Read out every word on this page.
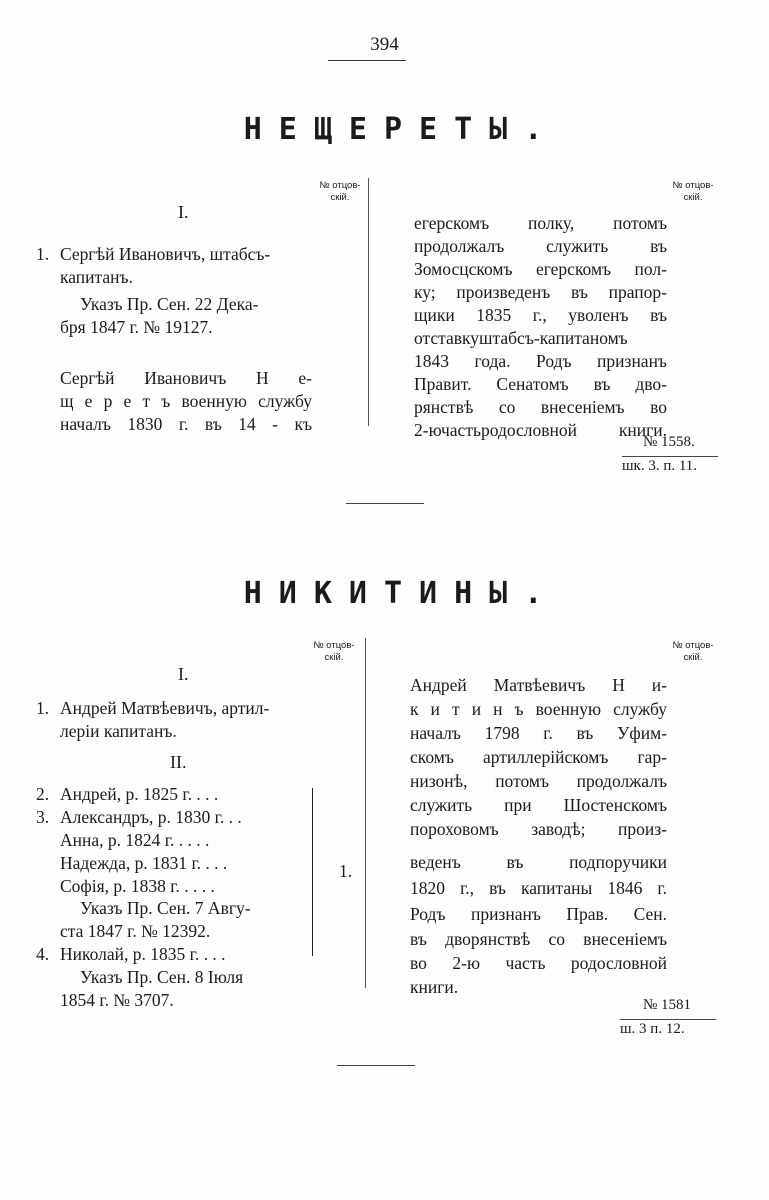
394
НЕЩЕРЕТЫ.
№ отцов-
скій.
№ отцов-
скій.
I.
1. Сергѣй Ивановичъ, штабсъ-
капитанъ.
Указъ Пр. Сен. 22 Дека-
бря 1847 г. № 19127.
Сергѣй Ивановичъ Н е-
щ е р е т ъ военную службу
началъ 1830 г. въ 14 - къ
егерскомъ полку, потомъ
продолжалъ служить въ
Зомосцскомъ егерскомъ пол-
ку; произведенъ въ прапор-
щики 1835 г., уволенъ въ
отставкуштабсъ-капитаномъ
1843 года. Родъ признанъ
Правит. Сенатомъ въ дво-
рянствѣ со внесеніемъ во
2-ючастьродословной книги.
№ 1558.
шк. 3. п. 11.
НИКИТИНЫ.
№ отцов-
скій.
№ отцов-
скій.
I.
1. Андрей Матвѣевичъ, артил-
леріи капитанъ.
II.
2. Андрей, р. 1825 г. . . .
3. Александръ, р. 1830 г. . .
Анна, р. 1824 г. . . . .
Надежда, р. 1831 г. . . .
Софія, р. 1838 г. . . . .
Указъ Пр. Сен. 7 Авгу-
ста 1847 г. № 12392.
4. Николай, р. 1835 г. . . .
Указъ Пр. Сен. 8 Іюля
1854 г. № 3707.
1.
Андрей Матвѣевичъ Н и-
к и т и н ъ военную службу
началъ 1798 г. въ Уфим-
скомъ артиллерійскомъ гар-
низонѣ, потомъ продолжалъ
служить при Шостенскомъ
пороховомъ заводѣ; произ-
веденъ въ подпоручики
1820 г., въ капитаны 1846 г.
Родъ признанъ Прав. Сен.
въ дворянствѣ со внесеніемъ
во 2-ю часть родословной
книги.
№ 1581
ш. 3 п. 12.
